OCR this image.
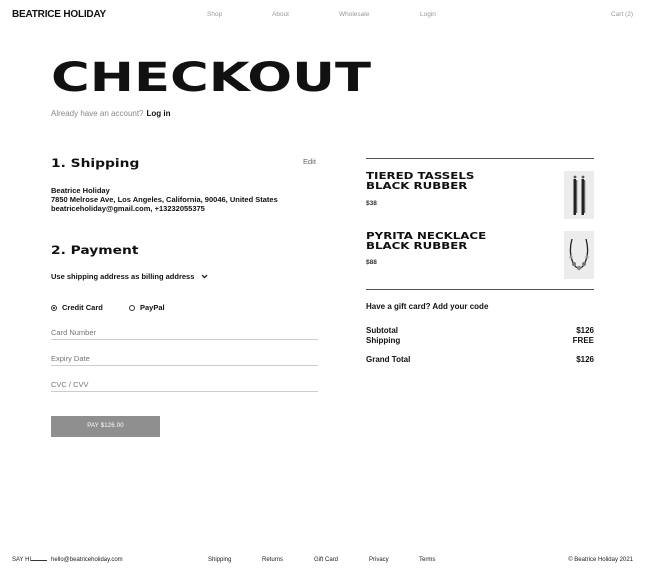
BEATRICE HOLIDAY	Shop	About	Wholesale	Login	Cart (2)
CHECKOUT
Already have an account? Log in
1. Shipping	Edit
Beatrice Holiday
7850 Melrose Ave, Los Angeles, California, 90046, United States
beatriceholiday@gmail.com, +13232055375
2. Payment
Use shipping address as billing address
Credit Card	PayPal
Card Number
Expiry Date
CVC / CVV
PAY $126.00
TIERED TASSELS
BLACK RUBBER
$38
PYRITA NECKLACE
BLACK RUBBER
$88
Have a gift card? Add your code
Subtotal	$126
Shipping	FREE
Grand Total	$126
SAY HI	hello@beatriceholiday.com	Shipping	Returns	Gift Card	Privacy	Terms	© Beatrice Holiday 2021
